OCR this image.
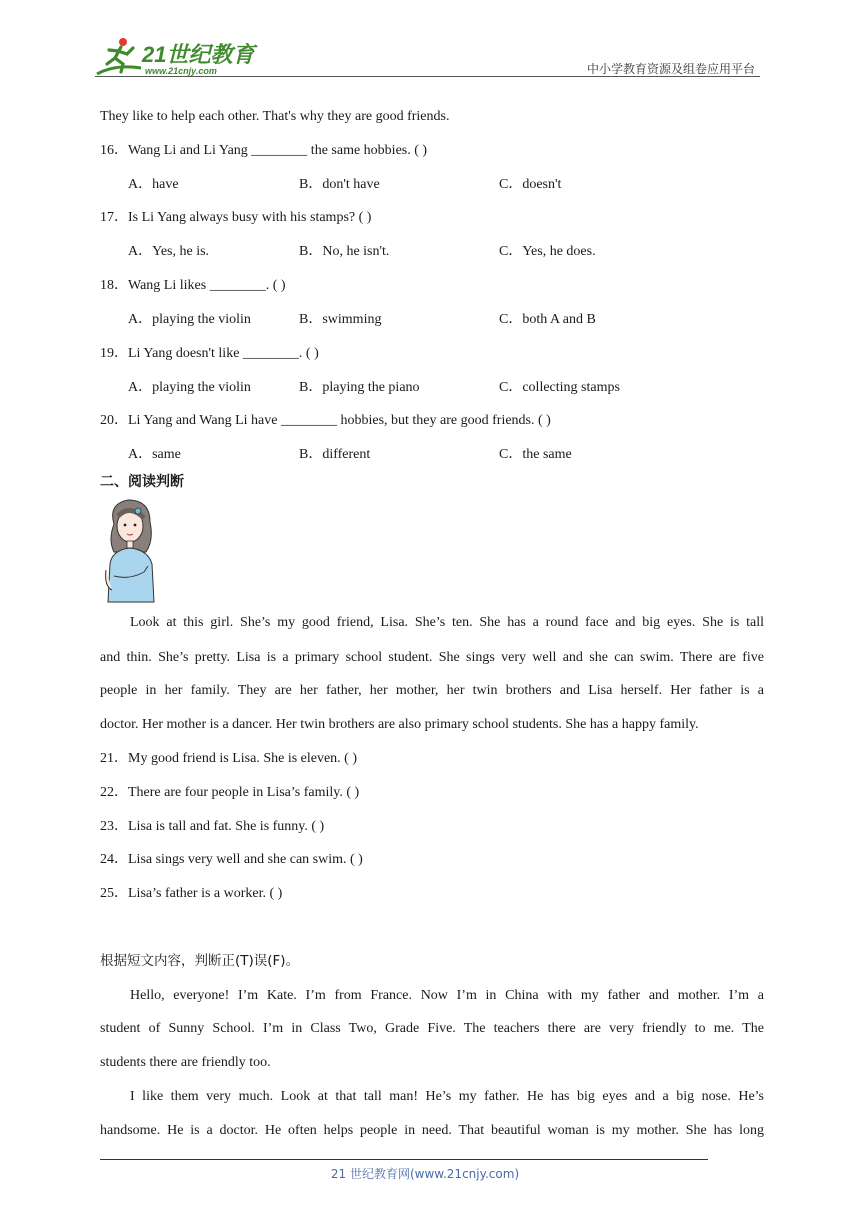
21世纪教育
www.21cnjy.com	中小学教育资源及组卷应用平台
They like to help each other. That's why they are good friends.
16．Wang Li and Li Yang ________ the same hobbies. ( )
A．have	B．don't have	C．doesn't
17．Is Li Yang always busy with his stamps? ( )
A．Yes, he is.	B．No, he isn't.	C．Yes, he does.
18．Wang Li likes ________. ( )
A．playing the violin	B．swimming	C．both A and B
19．Li Yang doesn't like ________. ( )
A．playing the violin	B．playing the piano	C．collecting stamps
20．Li Yang and Wang Li have ________ hobbies, but they are good friends. ( )
A．same	B．different	C．the same
二、阅读判断
Look at this girl. She’s my good friend, Lisa. She’s ten. She has a round face and big eyes. She is tall
and thin. She’s pretty. Lisa is a primary school student. She sings very well and she can swim. There are five
people in her family. They are her father, her mother, her twin brothers and Lisa herself. Her father is a
doctor. Her mother is a dancer. Her twin brothers are also primary school students. She has a happy family.
21．My good friend is Lisa. She is eleven. ( )
22．There are four people in Lisa’s family. ( )
23．Lisa is tall and fat. She is funny. ( )
24．Lisa sings very well and she can swim. ( )
25．Lisa’s father is a worker. ( )
根据短文内容，判断正(T)误(F)。
Hello, everyone! I’m Kate. I’m from France. Now I’m in China with my father and mother. I’m a
student of Sunny School. I’m in Class Two, Grade Five. The teachers there are very friendly to me. The
students there are friendly too.
I like them very much. Look at that tall man! He’s my father. He has big eyes and a big nose. He’s
handsome. He is a doctor. He often helps people in need. That beautiful woman is my mother. She has long
21 世纪教育网(www.21cnjy.com)
